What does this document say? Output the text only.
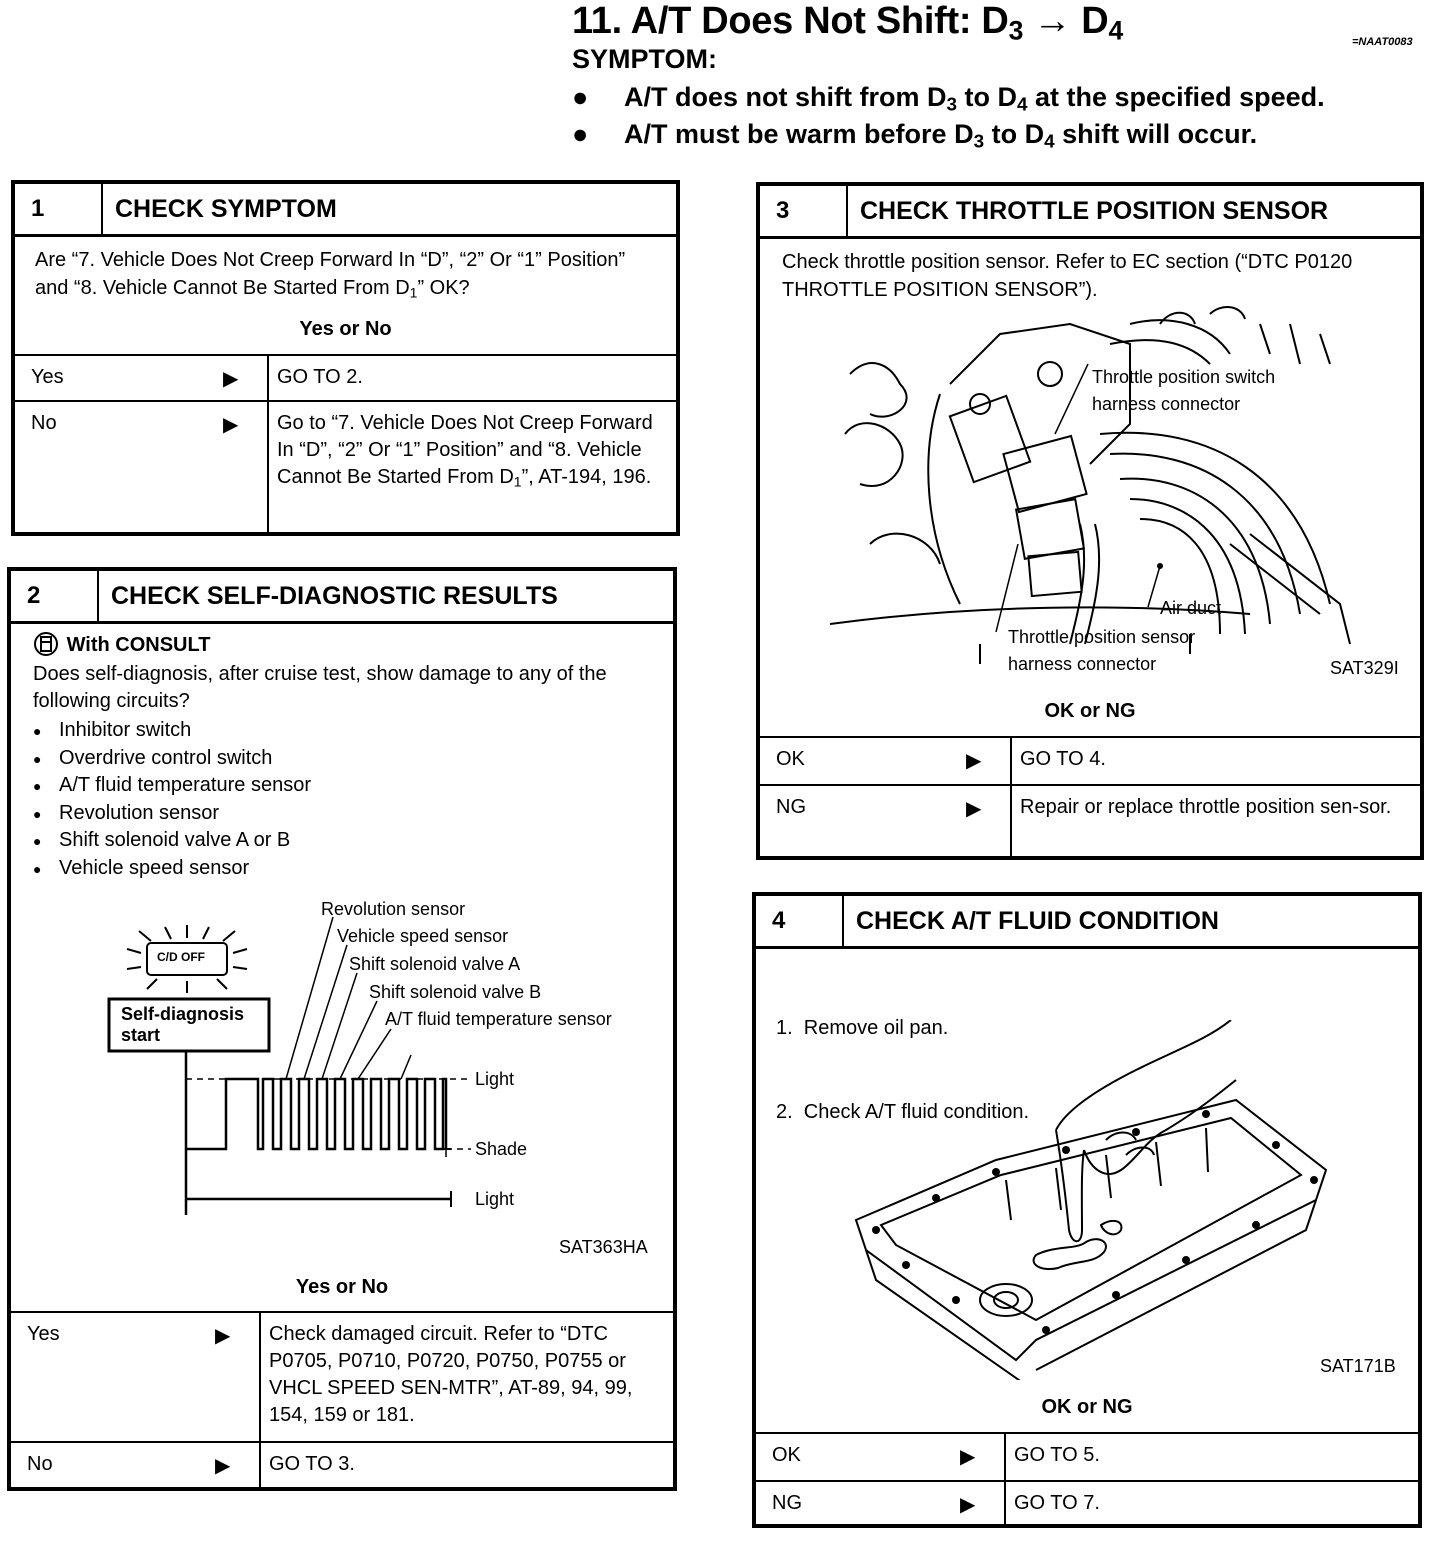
11. A/T Does Not Shift: $D_3 \to D_4$	=NAAT0083
SYMPTOM:
● A/T does not shift from $D_3$ to $D_4$ at the specified speed.
● A/T must be warm before $D_3$ to $D_4$ shift will occur.
1	CHECK SYMPTOM
Are “7. Vehicle Does Not Creep Forward In “D”, “2” Or “1” Position” and “8. Vehicle Cannot Be Started From $D_1$” OK?
Yes or No
Yes	▶ GO TO 2.
No	▶ Go to “7. Vehicle Does Not Creep Forward In “D”, “2” Or “1” Position” and “8. Vehicle Cannot Be Started From $D_1$”, AT-194, 196.
2	CHECK SELF-DIAGNOSTIC RESULTS
With CONSULT
Does self-diagnosis, after cruise test, show damage to any of the following circuits?
● Inhibitor switch
● Overdrive control switch
● A/T fluid temperature sensor
● Revolution sensor
● Shift solenoid valve A or B
● Vehicle speed sensor
C/D OFF
Self-diagnosis start
Revolution sensor
Vehicle speed sensor
Shift solenoid valve A
Shift solenoid valve B
A/T fluid temperature sensor
Light
Shade
Light
SAT363HA
Yes or No
Yes	▶ Check damaged circuit. Refer to “DTC P0705, P0710, P0720, P0750, P0755 or VHCL SPEED SEN-MTR”, AT-89, 94, 99, 154, 159 or 181.
No	▶ GO TO 3.
3	CHECK THROTTLE POSITION SENSOR
Check throttle position sensor. Refer to EC section (“DTC P0120 THROTTLE POSITION SENSOR”).
Throttle position switch harness connector
Air duct
Throttle position sensor harness connector	SAT329I
OK or NG
OK	▶ GO TO 4.
NG	▶ Repair or replace throttle position sen-sor.
4	CHECK A/T FLUID CONDITION

1.  Remove oil pan.

2.  Check A/T fluid condition.

SAT171B
OK or NG
OK	▶ GO TO 5.
NG	▶ GO TO 7.
